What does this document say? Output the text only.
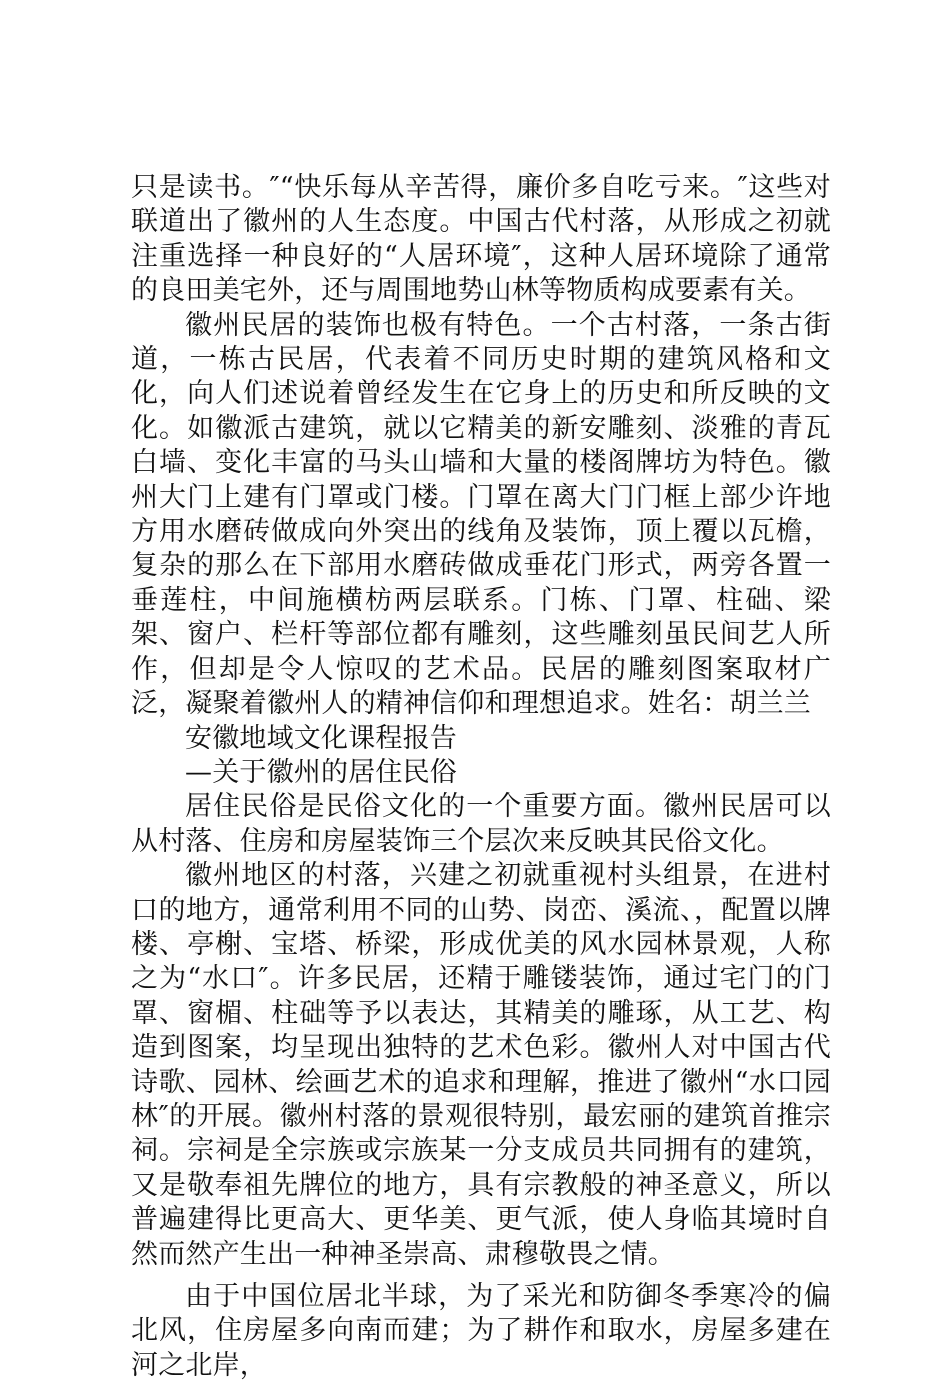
只是读书。″“快乐每从辛苦得，廉价多自吃亏来。″这些对联道出了徽州的人生态度。中国古代村落，从形成之初就注重选择一种良好的“人居环境″，这种人居环境除了通常的良田美宅外，还与周围地势山林等物质构成要素有关。

徽州民居的装饰也极有特色。一个古村落，一条古街道，一栋古民居，代表着不同历史时期的建筑风格和文化，向人们述说着曾经发生在它身上的历史和所反映的文化。如徽派古建筑，就以它精美的新安雕刻、淡雅的青瓦白墙、变化丰富的马头山墙和大量的楼阁牌坊为特色。徽州大门上建有门罩或门楼。门罩在离大门门框上部少许地方用水磨砖做成向外突出的线角及装饰，顶上覆以瓦檐，复杂的那么在下部用水磨砖做成垂花门形式，两旁各置一垂莲柱，中间施横枋两层联系。门栋、门罩、柱础、梁架、窗户、栏杆等部位都有雕刻，这些雕刻虽民间艺人所作，但却是令人惊叹的艺术品。民居的雕刻图案取材广泛，凝聚着徽州人的精神信仰和理想追求。姓名：胡兰兰

安徽地域文化课程报告

—关于徽州的居住民俗

居住民俗是民俗文化的一个重要方面。徽州民居可以从村落、住房和房屋装饰三个层次来反映其民俗文化。

徽州地区的村落，兴建之初就重视村头组景，在进村口的地方，通常利用不同的山势、岗峦、溪流、，配置以牌楼、亭榭、宝塔、桥梁，形成优美的风水园林景观，人称之为“水口″。许多民居，还精于雕镂装饰，通过宅门的门罩、窗楣、柱础等予以表达，其精美的雕琢，从工艺、构造到图案，均呈现出独特的艺术色彩。徽州人对中国古代诗歌、园林、绘画艺术的追求和理解，推进了徽州“水口园林″的开展。徽州村落的景观很特别，最宏丽的建筑首推宗祠。宗祠是全宗族或宗族某一分支成员共同拥有的建筑，又是敬奉祖先牌位的地方，具有宗教般的神圣意义，所以普遍建得比更高大、更华美、更气派，使人身临其境时自然而然产生出一种神圣崇高、肃穆敬畏之情。

由于中国位居北半球，为了采光和防御冬季寒冷的偏北风，住房屋多向南而建；为了耕作和取水，房屋多建在河之北岸，
